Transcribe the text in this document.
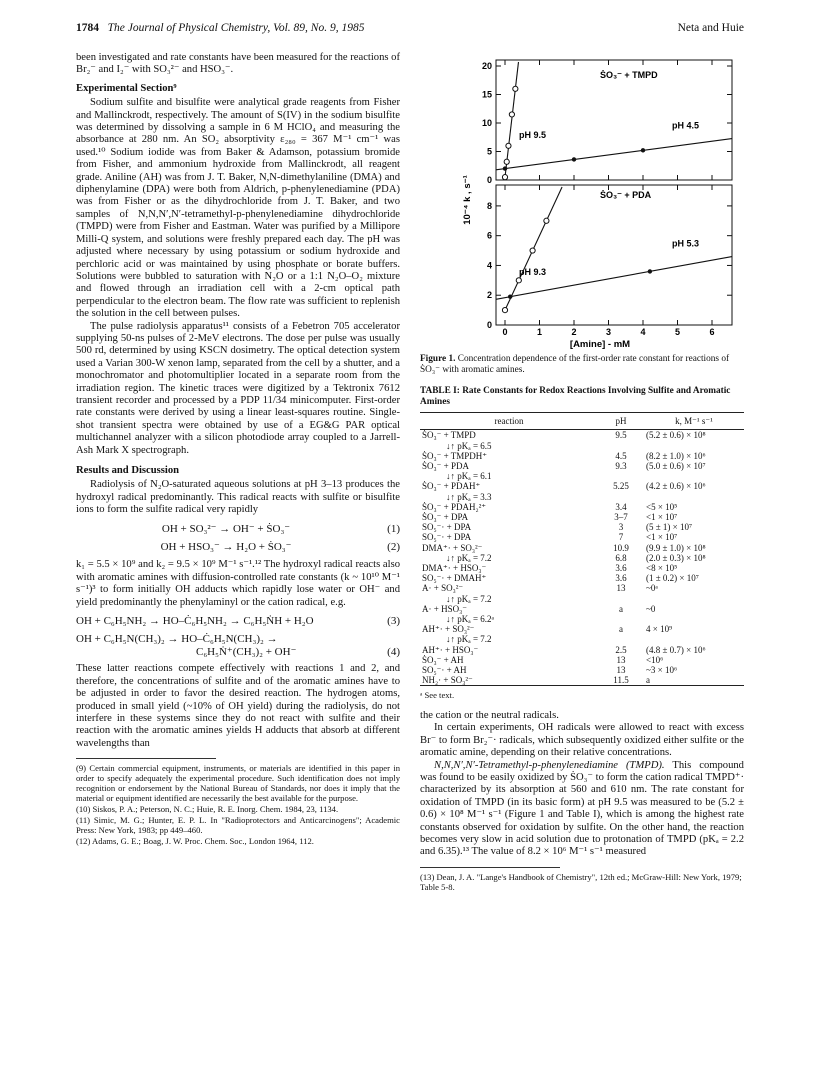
1784 The Journal of Physical Chemistry, Vol. 89, No. 9, 1985	Neta and Huie

been investigated and rate constants have been measured for the reactions of Br₂⁻ and I₂⁻ with SO₃²⁻ and HSO₃⁻.

Experimental Section⁹

Sodium sulfite and bisulfite were analytical grade reagents from Fisher and Mallinckrodt, respectively. The amount of S(IV) in the sodium bisulfite was determined by dissolving a sample in 6 M HClO₄ and measuring the absorbance at 280 nm. An SO₂ absorptivity ε₂₈₀ = 367 M⁻¹ cm⁻¹ was used.¹⁰ Sodium iodide was from Baker & Adamson, potassium bromide from Fisher, and ammonium hydroxide from Mallinckrodt, all reagent grade. Aniline (AH) was from J. T. Baker, N,N-dimethylaniline (DMA) and diphenylamine (DPA) were both from Aldrich, p-phenylenediamine (PDA) was from Fisher or as the dihydrochloride from J. T. Baker, and two samples of N,N,N′,N′-tetramethyl-p-phenylenediamine dihydrochloride (TMPD) were from Fisher and Eastman. Water was purified by a Millipore Milli-Q system, and solutions were freshly prepared each day. The pH was adjusted where necessary by using potassium or sodium hydroxide and perchloric acid or was maintained by using phosphate or borate buffers. Solutions were bubbled to saturation with N₂O or a 1:1 N₂O–O₂ mixture and flowed through an irradiation cell with a 2-cm optical path perpendicular to the electron beam. The flow rate was sufficient to replenish the solution in the cell between pulses.

The pulse radiolysis apparatus¹¹ consists of a Febetron 705 accelerator supplying 50-ns pulses of 2-MeV electrons. The dose per pulse was usually 500 rd, determined by using KSCN dosimetry. The optical detection system used a Varian 300-W xenon lamp, separated from the cell by a shutter, and a monochromator and photomultiplier located in a separate room from the irradiation region. The kinetic traces were digitized by a Tektronix 7612 transient recorder and processed by a PDP 11/34 minicomputer. First-order rate constants were derived by using a linear least-squares routine. Single-shot transient spectra were obtained by use of a EG&G PAR optical multichannel analyzer with a silicon photodiode array coupled to a Jarrell-Ash Mark X spectrograph.

Results and Discussion

Radiolysis of N₂O-saturated aqueous solutions at pH 3–13 produces the hydroxyl radical predominantly. This radical reacts with sulfite or bisulfite ions to form the sulfite radical very rapidly

OH + SO₃²⁻ → OH⁻ + ṠO₃⁻	(1)
OH + HSO₃⁻ → H₂O + ṠO₃⁻	(2)

k₁ = 5.5 × 10⁹ and k₂ = 9.5 × 10⁹ M⁻¹ s⁻¹.¹² The hydroxyl radical reacts also with aromatic amines with diffusion-controlled rate constants (k ~ 10¹⁰ M⁻¹ s⁻¹)³ to form initially OH adducts which rapidly lose water or OH⁻ and yield predominantly the phenylaminyl or the cation radical, e.g.

OH + C₆H₅NH₂ → HO–Ċ₆H₅NH₂ → C₆H₅ṄH + H₂O	(3)
OH + C₆H₅N(CH₃)₂ → HO–Ċ₆H₅N(CH₃)₂ →
C₆H₅Ṅ⁺(CH₃)₂ + OH⁻	(4)

These latter reactions compete effectively with reactions 1 and 2, and therefore, the concentrations of sulfite and of the aromatic amines have to be adjusted in order to favor the desired reaction. The hydrogen atoms, produced in small yield (~10% of OH yield) during the radiolysis, do not interfere in these systems since they do not react with sulfite and their reaction with the aromatic amines yields H adducts that absorb at different wavelengths than

(9) Certain commercial equipment, instruments, or materials are identified in this paper in order to specify adequately the experimental procedure. Such identification does not imply recognition or endorsement by the National Bureau of Standards, nor does it imply that the material or equipment identified are necessarily the best available for the purpose.

(10) Siskos, P. A.; Peterson, N. C.; Huie, R. E. Inorg. Chem. 1984, 23, 1134.

(11) Simic, M. G.; Hunter, E. P. L. In "Radioprotectors and Anticarcinogens"; Academic Press: New York, 1983; pp 449–460.

(12) Adams, G. E.; Boag, J. W. Proc. Chem. Soc., London 1964, 112.

0
5
10
15
20
0
2
4
6
8
0	1	2	3	4	5	6
pH 9.5
pH 4.5
pH 9.3
pH 5.3
10⁻⁴ k , s⁻¹
[Amine] - mM
ṠO₃⁻ + TMPD
ṠO₃⁻ + PDA
Figure 1. Concentration dependence of the first-order rate constant for reactions of ṠO₃⁻ with aromatic amines.
TABLE I: Rate Constants for Redox Reactions Involving Sulfite and Aromatic Amines
reaction	pH	k, M⁻¹ s⁻¹
ṠO₃⁻ + TMPD	9.5	(5.2 ± 0.6) × 10⁸
↓↑ pKₐ = 6.5		
ṠO₃⁻ + TMPDH⁺	4.5	(8.2 ± 1.0) × 10⁶
ṠO₃⁻ + PDA	9.3	(5.0 ± 0.6) × 10⁷
↓↑ pKₐ = 6.1		
ṠO₃⁻ + PDAH⁺	5.25	(4.2 ± 0.6) × 10⁶
↓↑ pKₐ = 3.3		
ṠO₃⁻ + PDAH₂²⁺	3.4	<5 × 10⁵
ṠO₃⁻ + DPA	3–7	<1 × 10⁷
SO₅⁻· + DPA	3	(5 ± 1) × 10⁷
SO₅⁻· + DPA	7	<1 × 10⁷
DMA⁺· + SO₃²⁻	10.9	(9.9 ± 1.0) × 10⁸
↓↑ pKₐ = 7.2	6.8	(2.0 ± 0.3) × 10⁸
DMA⁺· + HSO₃⁻	3.6	<8 × 10⁵
SO₅⁻· + DMAH⁺	3.6	(1 ± 0.2) × 10⁷
A· + SO₃²⁻	13	~0ᵃ
↓↑ pKₐ = 7.2		
A· + HSO₃⁻	a	~0
↓↑ pKₐ = 6.2ᵃ		
AH⁺· + SO₃²⁻	a	4 × 10⁹
↓↑ pKₐ = 7.2		
AH⁺· + HSO₃⁻	2.5	(4.8 ± 0.7) × 10⁶
ṠO₃⁻ + AH	13	<10⁶
SO₅⁻· + AH	13	~3 × 10⁶
NH₂· + SO₃²⁻	11.5	a
ᵃ See text.

the cation or the neutral radicals.

In certain experiments, OH radicals were allowed to react with excess Br⁻ to form Br₂⁻· radicals, which subsequently oxidized either sulfite or the aromatic amine, depending on their relative concentrations.

N,N,N′,N′-Tetramethyl-p-phenylenediamine (TMPD). This compound was found to be easily oxidized by ṠO₃⁻ to form the cation radical TMPD⁺· characterized by its absorption at 560 and 610 nm. The rate constant for oxidation of TMPD (in its basic form) at pH 9.5 was measured to be (5.2 ± 0.6) × 10⁸ M⁻¹ s⁻¹ (Figure 1 and Table I), which is among the highest rate constants observed for oxidation by sulfite. On the other hand, the reaction becomes very slow in acid solution due to protonation of TMPD (pKₐ = 2.2 and 6.35).¹³ The value of 8.2 × 10⁶ M⁻¹ s⁻¹ measured

(13) Dean, J. A. "Lange's Handbook of Chemistry", 12th ed.; McGraw-Hill: New York, 1979; Table 5-8.
